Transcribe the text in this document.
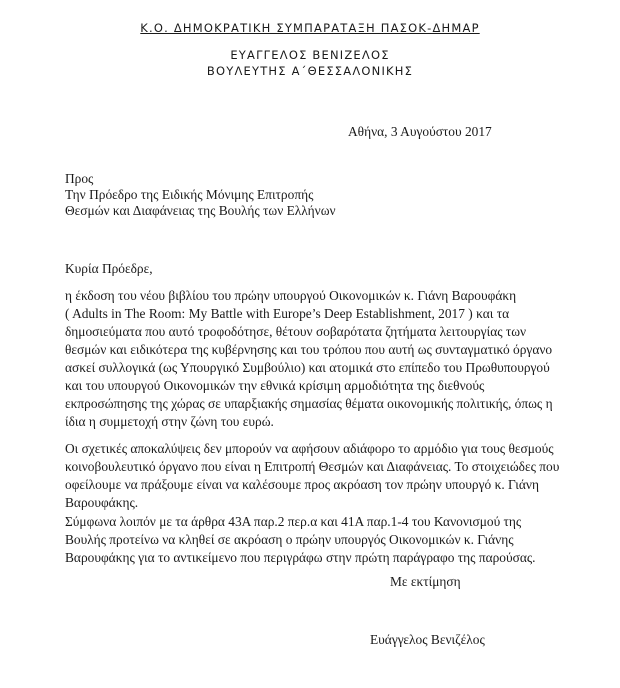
Κ.Ο. ΔΗΜΟΚΡΑΤΙΚΗ ΣΥΜΠΑΡΑΤΑΞΗ ΠΑΣΟΚ-ΔΗΜΑΡ
ΕΥΑΓΓΕΛΟΣ ΒΕΝΙΖΕΛΟΣ
ΒΟΥΛΕΥΤΗΣ Α΄ΘΕΣΣΑΛΟΝΙΚΗΣ
Αθήνα, 3 Αυγούστου 2017
Προς
Την Πρόεδρο της Ειδικής Μόνιμης Επιτροπής
Θεσμών και Διαφάνειας της Βουλής των Ελλήνων
Κυρία Πρόεδρε,
η έκδοση του νέου βιβλίου του πρώην υπουργού Οικονομικών κ. Γιάνη Βαρουφάκη
( Adults in The Room: My Battle with Europe’s Deep Establishment, 2017 ) και τα
δημοσιεύματα που αυτό τροφοδότησε, θέτουν σοβαρότατα ζητήματα λειτουργίας των
θεσμών και ειδικότερα της κυβέρνησης και του τρόπου που αυτή ως συνταγματικό όργανο
ασκεί συλλογικά (ως Υπουργικό Συμβούλιο) και ατομικά στο επίπεδο του Πρωθυπουργού
και του υπουργού Οικονομικών την εθνικά κρίσιμη αρμοδιότητα της διεθνούς
εκπροσώπησης της χώρας σε υπαρξιακής σημασίας θέματα οικονομικής πολιτικής, όπως η
ίδια η συμμετοχή στην ζώνη του ευρώ.
Οι σχετικές αποκαλύψεις δεν μπορούν να αφήσουν αδιάφορο το αρμόδιο για τους θεσμούς
κοινοβουλευτικό όργανο που είναι η Επιτροπή Θεσμών και Διαφάνειας. Το στοιχειώδες που
οφείλουμε να πράξουμε είναι να καλέσουμε προς ακρόαση τον πρώην υπουργό κ. Γιάνη
Βαρουφάκης.
Σύμφωνα λοιπόν με τα άρθρα 43Α παρ.2 περ.α και 41Α παρ.1-4 του Κανονισμού της
Βουλής προτείνω να κληθεί σε ακρόαση ο πρώην υπουργός Οικονομικών κ. Γιάνης
Βαρουφάκης για το αντικείμενο που περιγράφω στην πρώτη παράγραφο της παρούσας.
Με εκτίμηση
Ευάγγελος Βενιζέλος
